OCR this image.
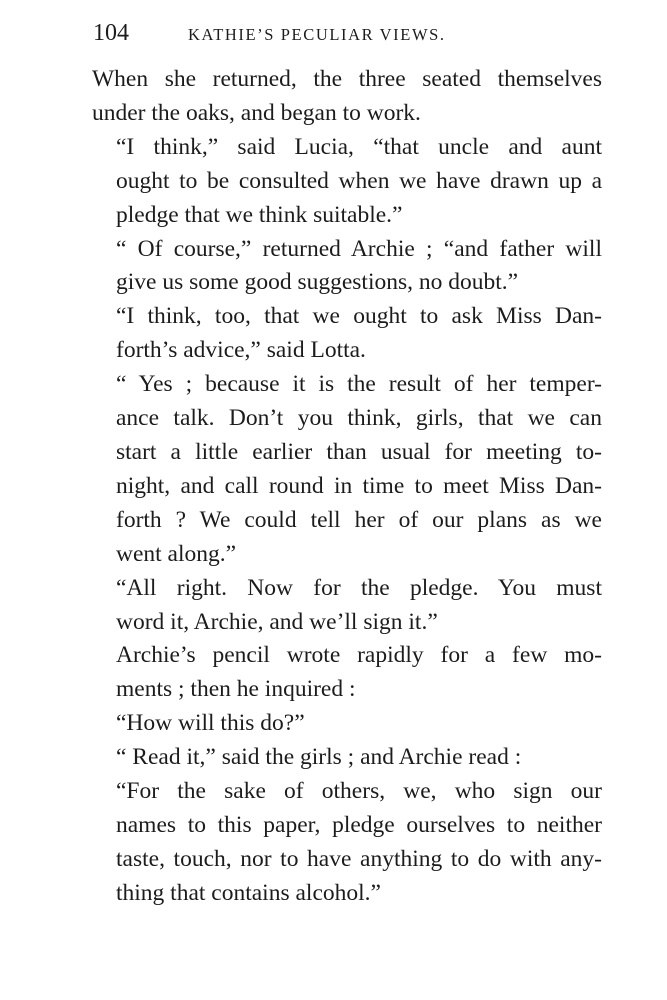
104	KATHIE’S PECULIAR VIEWS.

When she returned, the three seated themselves
under the oaks, and began to work.

“I think,” said Lucia, “that uncle and aunt
ought to be consulted when we have drawn up a
pledge that we think suitable.”

“ Of course,” returned Archie ; “and father will
give us some good suggestions, no doubt.”

“I think, too, that we ought to ask Miss Dan-
forth’s advice,” said Lotta.

“ Yes ; because it is the result of her temper-
ance talk. Don’t you think, girls, that we can
start a little earlier than usual for meeting to-
night, and call round in time to meet Miss Dan-
forth ? We could tell her of our plans as we
went along.”

“All right. Now for the pledge. You must
word it, Archie, and we’ll sign it.”

Archie’s pencil wrote rapidly for a few mo-
ments ; then he inquired :

“How will this do?”

“ Read it,” said the girls ; and Archie read :

“For the sake of others, we, who sign our
names to this paper, pledge ourselves to neither
taste, touch, nor to have anything to do with any-
thing that contains alcohol.”
